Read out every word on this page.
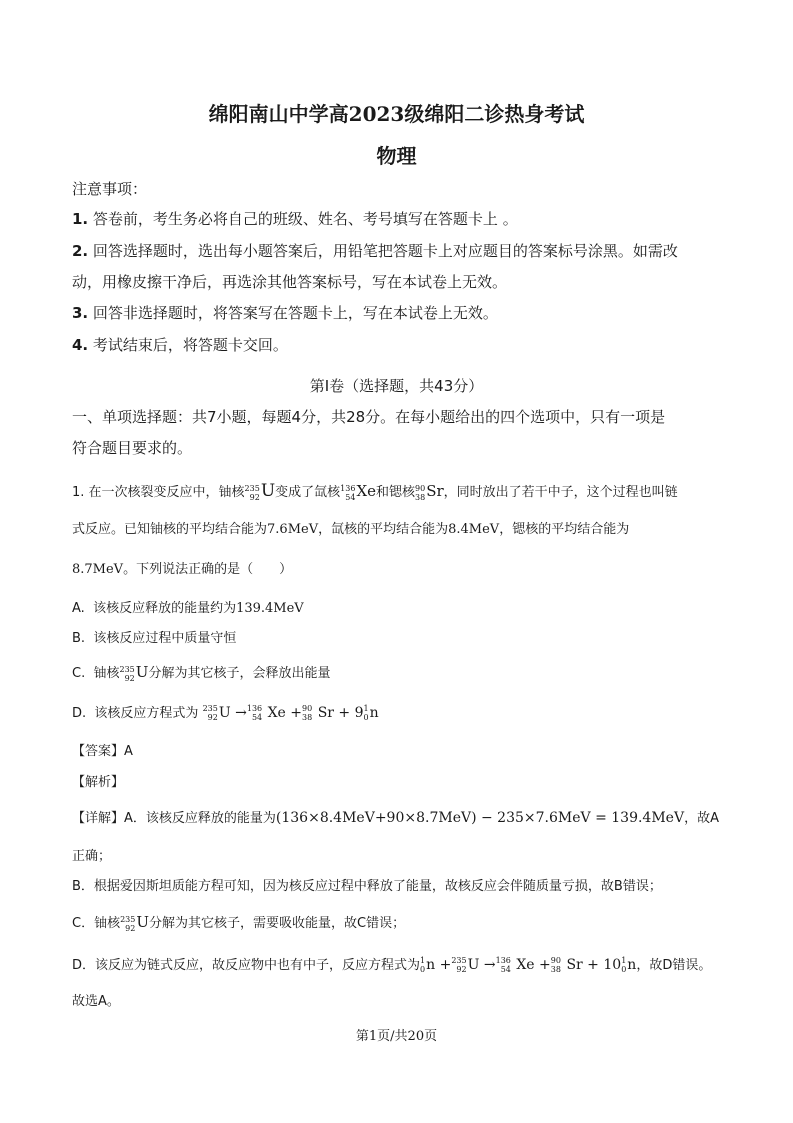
绵阳南山中学高2023级绵阳二诊热身考试
物理
注意事项：
1. 答卷前，考生务必将自己的班级、姓名、考号填写在答题卡上 。
2. 回答选择题时，选出每小题答案后，用铅笔把答题卡上对应题目的答案标号涂黑。如需改
动，用橡皮擦干净后，再选涂其他答案标号，写在本试卷上无效。
3. 回答非选择题时，将答案写在答题卡上，写在本试卷上无效。
4. 考试结束后，将答题卡交回。
第I卷（选择题，共43分）
一、单项选择题：共7小题，每题4分，共28分。在每小题给出的四个选项中，只有一项是
符合题目要求的。
1. 在一次核裂变反应中，铀核 235
92 U变成了氙核 136
54 Xe和锶核 90
38 Sr，同时放出了若干中子，这个过程也叫链
式反应。已知铀核的平均结合能为7.6MeV，氙核的平均结合能为8.4MeV，锶核的平均结合能为
8.7MeV。下列说法正确的是（　　）
A. 该核反应释放的能量约为139.4MeV
B. 该核反应过程中质量守恒
C. 铀核 235
92 U分解为其它核子，会释放出能量
D. 该核反应方程式为 235
92 U → 136
54 Xe + 90
38 Sr + 9 1
0 n
【答案】A
【解析】
【详解】A．该核反应释放的能量为(136×8.4MeV+90×8.7MeV) − 235×7.6MeV = 139.4MeV，故A
正确；
B．根据爱因斯坦质能方程可知，因为核反应过程中释放了能量，故核反应会伴随质量亏损，故B错误；
C．铀核 235
92 U分解为其它核子，需要吸收能量，故C错误；
D．该反应为链式反应，故反应物中也有中子，反应方程式为 1
0 n + 235
92 U → 136
54 Xe + 90
38 Sr + 10 1
0 n，故D错误。
故选A。
第1页/共20页
